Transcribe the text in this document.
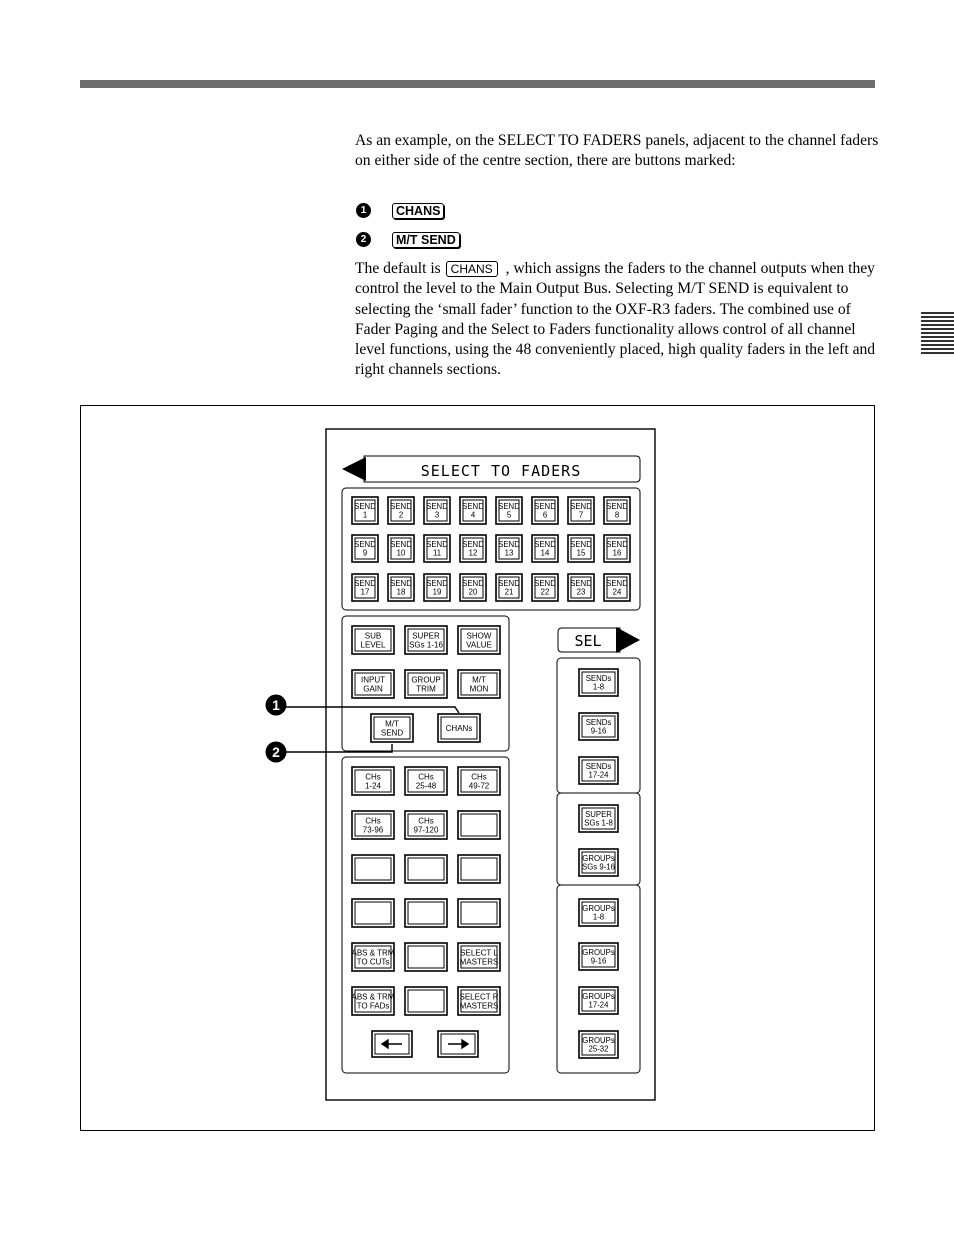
As an example, on the SELECT TO FADERS panels, adjacent to the channel faders on either side of the centre section, there are buttons marked:

1	CHANS
2	M/T SEND

The default is CHANS , which assigns the faders to the channel outputs when they control the level to the Main Output Bus. Selecting M/T SEND is equivalent to selecting the ‘small fader’ function to the OXF-R3 faders. The combined use of Fader Paging and the Select to Faders functionality allows control of all channel level functions, using the 48 conveniently placed, high quality faders in the left and right channels sections.

SELECT TO FADERS
SEND
1
SEND
2
SEND
3
SEND
4
SEND
5
SEND
6
SEND
7
SEND
8
SEND
9
SEND
10
SEND
11
SEND
12
SEND
13
SEND
14
SEND
15
SEND
16
SEND
17
SEND
18
SEND
19
SEND
20
SEND
21
SEND
22
SEND
23
SEND
24
SUB
LEVEL
SUPER
SGs 1-16
SHOW
VALUE
INPUT
GAIN
GROUP
TRIM
M/T
MON
M/T
SEND	CHANs
CHs
1-24
CHs
25-48
CHs
49-72
CHs
73-96
CHs
97-120
ABS & TRM
TO CUTs
SELECT L
MASTERS
ABS & TRM
TO FADs
SELECT R
MASTERS
SEL
SENDs
1-8
SENDs
9-16
SENDs
17-24
SUPER
SGs 1-8
GROUPs
SGs 9-16
GROUPs
1-8
GROUPs
9-16
GROUPs
17-24
GROUPs
25-32
1
2
